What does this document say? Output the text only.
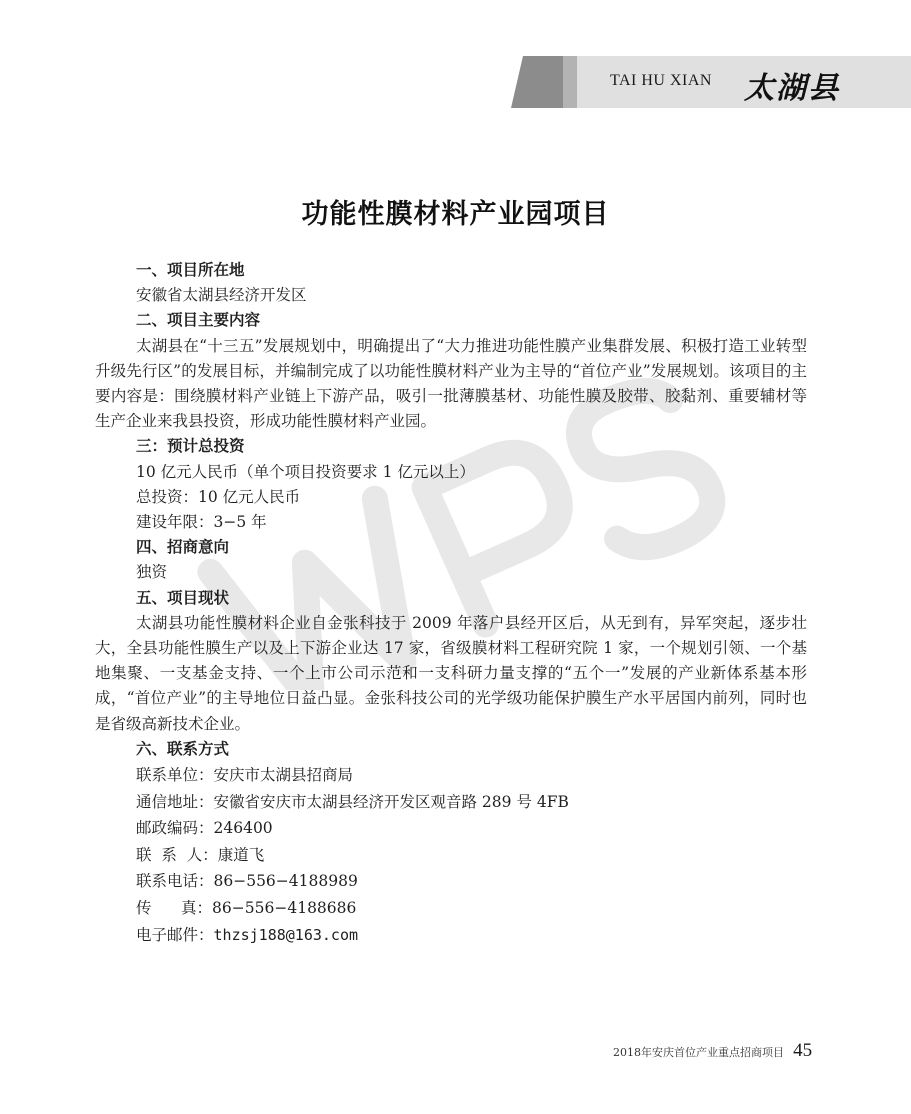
TAI HU XIAN 太湖县
功能性膜材料产业园项目

一、项目所在地

安徽省太湖县经济开发区

二、项目主要内容

太湖县在“十三五”发展规划中，明确提出了“大力推进功能性膜产业集群发展、积极打造工业转型升级先行区”的发展目标，并编制完成了以功能性膜材料产业为主导的“首位产业”发展规划。该项目的主要内容是：围绕膜材料产业链上下游产品，吸引一批薄膜基材、功能性膜及胶带、胶黏剂、重要辅材等生产企业来我县投资，形成功能性膜材料产业园。

三：预计总投资

10 亿元人民币（单个项目投资要求 1 亿元以上）

总投资：10 亿元人民币

建设年限：3−5 年

四、招商意向

独资

五、项目现状

太湖县功能性膜材料企业自金张科技于 2009 年落户县经开区后，从无到有，异军突起，逐步壮大，全县功能性膜生产以及上下游企业达 17 家，省级膜材料工程研究院 1 家，一个规划引领、一个基地集聚、一支基金支持、一个上市公司示范和一支科研力量支撑的“五个一”发展的产业新体系基本形成，“首位产业”的主导地位日益凸显。金张科技公司的光学级功能保护膜生产水平居国内前列，同时也是省级高新技术企业。

六、联系方式

联系单位：安庆市太湖县招商局

通信地址：安徽省安庆市太湖县经济开发区观音路 289 号 4FB

邮政编码：246400

联  系  人：康道飞

联系电话：86−556−4188989

传      真：86−556−4188686

电子邮件：thzsj188@163.com

2018年安庆首位产业重点招商项目 45
